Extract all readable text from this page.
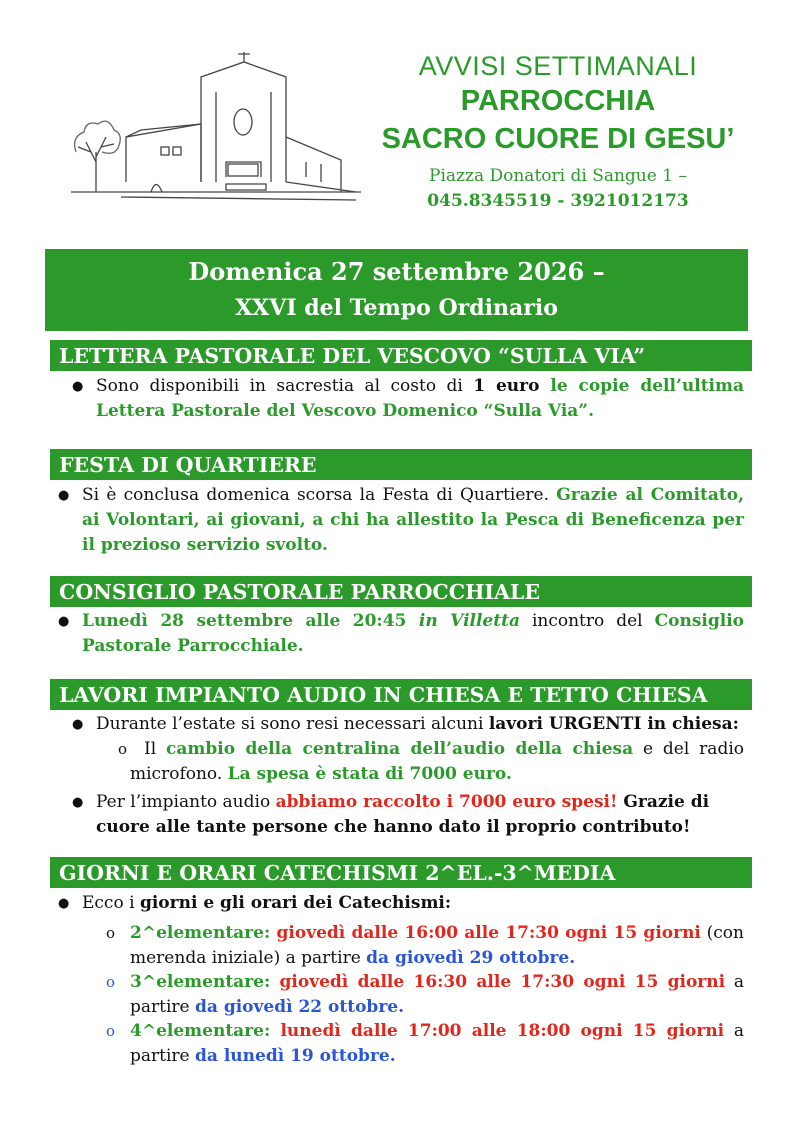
AVVISI SETTIMANALI
PARROCCHIA
SACRO CUORE DI GESU’
Piazza Donatori di Sangue 1 –
045.8345519 - 3921012173
Domenica 27 settembre 2026 –
XXVI del Tempo Ordinario
LETTERA PASTORALE DEL VESCOVO “SULLA VIA”
● Sono disponibili in sacrestia al costo di 1 euro le copie dell’ultima
Lettera Pastorale del Vescovo Domenico “Sulla Via”.
FESTA DI QUARTIERE
● Si è conclusa domenica scorsa la Festa di Quartiere. Grazie al Comitato,
ai Volontari, ai giovani, a chi ha allestito la Pesca di Beneficenza per
il prezioso servizio svolto.
CONSIGLIO PASTORALE PARROCCHIALE
● Lunedì 28 settembre alle 20:45 in Villetta incontro del Consiglio
Pastorale Parrocchiale.
LAVORI IMPIANTO AUDIO IN CHIESA E TETTO CHIESA
● Durante l’estate si sono resi necessari alcuni lavori URGENTI in chiesa:
o Il cambio della centralina dell’audio della chiesa e del radio
microfono. La spesa è stata di 7000 euro.
● Per l’impianto audio abbiamo raccolto i 7000 euro spesi! Grazie di
cuore alle tante persone che hanno dato il proprio contributo!
GIORNI E ORARI CATECHISMI 2^EL.-3^MEDIA
● Ecco i giorni e gli orari dei Catechismi:
o 2^elementare: giovedì dalle 16:00 alle 17:30 ogni 15 giorni (con
merenda iniziale) a partire da giovedì 29 ottobre.
o 3^elementare: giovedì dalle 16:30 alle 17:30 ogni 15 giorni a
partire da giovedì 22 ottobre.
o 4^elementare: lunedì dalle 17:00 alle 18:00 ogni 15 giorni a
partire da lunedì 19 ottobre.
